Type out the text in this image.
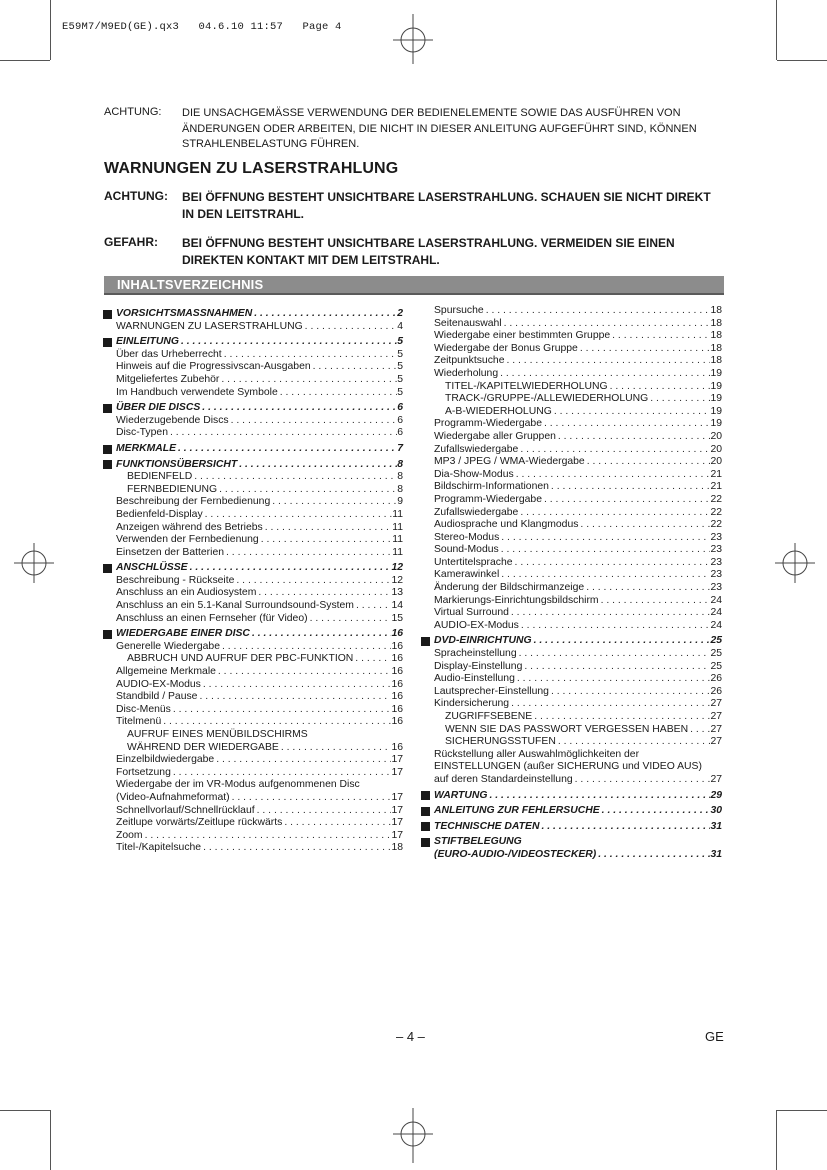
E59M7/M9ED(GE).qx3   04.6.10 11:57   Page 4
ACHTUNG: DIE UNSACHGEMÄSSE VERWENDUNG DER BEDIENELEMENTE SOWIE DAS AUSFÜHREN VON ÄNDERUNGEN ODER ARBEITEN, DIE NICHT IN DIESER ANLEITUNG AUFGEFÜHRT SIND, KÖNNEN STRAHLENBELASTUNG FÜHREN.
WARNUNGEN ZU LASERSTRAHLUNG
ACHTUNG: BEI ÖFFNUNG BESTEHT UNSICHTBARE LASERSTRAHLUNG. SCHAUEN SIE NICHT DIREKT IN DEN LEITSTRAHL.
GEFAHR: BEI ÖFFNUNG BESTEHT UNSICHTBARE LASERSTRAHLUNG. VERMEIDEN SIE EINEN DIREKTEN KONTAKT MIT DEM LEITSTRAHL.
INHALTSVERZEICHNIS
VORSICHTSMASSNAHMEN . . .	2
WARNUNGEN ZU LASERSTRAHLUNG . . .	4
EINLEITUNG . . .	5
Über das Urheberrecht . . .	5
Hinweis auf die Progressivscan-Ausgaben . . .	5
Mitgeliefertes Zubehör . . .	5
Im Handbuch verwendete Symbole . . .	5
ÜBER DIE DISCS . . .	6
Wiederzugebende Discs . . .	6
Disc-Typen . . .	6
MERKMALE . . .	7
FUNKTIONSÜBERSICHT . . .	8
BEDIENFELD . . .	8
FERNBEDIENUNG . . .	8
Beschreibung der Fernbedienung . . .	9
Bedienfeld-Display . . .	11
Anzeigen während des Betriebs . . .	11
Verwenden der Fernbedienung . . .	11
Einsetzen der Batterien . . .	11
ANSCHLÜSSE . . .	12
Beschreibung - Rückseite . . .	12
Anschluss an ein Audiosystem . . .	13
Anschluss an ein 5.1-Kanal Surroundsound-System . . .	14
Anschluss an einen Fernseher (für Video) . . .	15
WIEDERGABE EINER DISC . . .	16
Generelle Wiedergabe . . .	16
ABBRUCH UND AUFRUF DER PBC-FUNKTION . . .	16
Allgemeine Merkmale . . .	16
AUDIO-EX-Modus . . .	16
Standbild / Pause . . .	16
Disc-Menüs . . .	16
Titelmenü . . .	16
AUFRUF EINES MENÜBILDSCHIRMS
WÄHREND DER WIEDERGABE . . .	16
Einzelbildwiedergabe . . .	17
Fortsetzung . . .	17
Wiedergabe der im VR-Modus aufgenommenen Disc
(Video-Aufnahmeformat) . . .	17
Schnellvorlauf/Schnellrücklauf . . .	17
Zeitlupe vorwärts/Zeitlupe rückwärts . . .	17
Zoom . . .	17
Titel-/Kapitelsuche . . .	18
Spursuche . . .	18
Seitenauswahl . . .	18
Wiedergabe einer bestimmten Gruppe . . .	18
Wiedergabe der Bonus Gruppe . . .	18
Zeitpunktsuche . . .	18
Wiederholung . . .	19
TITEL-/KAPITELWIEDERHOLUNG . . .	19
TRACK-/GRUPPE-/ALLEWIEDERHOLUNG . . .	19
A-B-WIEDERHOLUNG . . .	19
Programm-Wiedergabe . . .	19
Wiedergabe aller Gruppen . . .	20
Zufallswiedergabe . . .	20
MP3 / JPEG / WMA-Wiedergabe . . .	20
Dia-Show-Modus . . .	21
Bildschirm-Informationen . . .	21
Programm-Wiedergabe . . .	22
Zufallswiedergabe . . .	22
Audiosprache und Klangmodus . . .	22
Stereo-Modus . . .	23
Sound-Modus . . .	23
Untertitelsprache . . .	23
Kamerawinkel . . .	23
Änderung der Bildschirmanzeige . . .	23
Markierungs-Einrichtungsbildschirm . . .	24
Virtual Surround . . .	24
AUDIO-EX-Modus . . .	24
DVD-EINRICHTUNG . . .	25
Spracheinstellung . . .	25
Display-Einstellung . . .	25
Audio-Einstellung . . .	26
Lautsprecher-Einstellung . . .	26
Kindersicherung . . .	27
ZUGRIFFSEBENE . . .	27
WENN SIE DAS PASSWORT VERGESSEN HABEN . . . 27
SICHERUNGSSTUFEN . . .	27
Rückstellung aller Auswahlmöglichkeiten der
EINSTELLUNGEN (außer SICHERUNG und VIDEO AUS)
auf deren Standardeinstellung . . .	27
WARTUNG . . .	29
ANLEITUNG ZUR FEHLERSUCHE . . .	30
TECHNISCHE DATEN . . .	31
STIFTBELEGUNG
(EURO-AUDIO-/VIDEOSTECKER) . . .	31
– 4 –	GE
